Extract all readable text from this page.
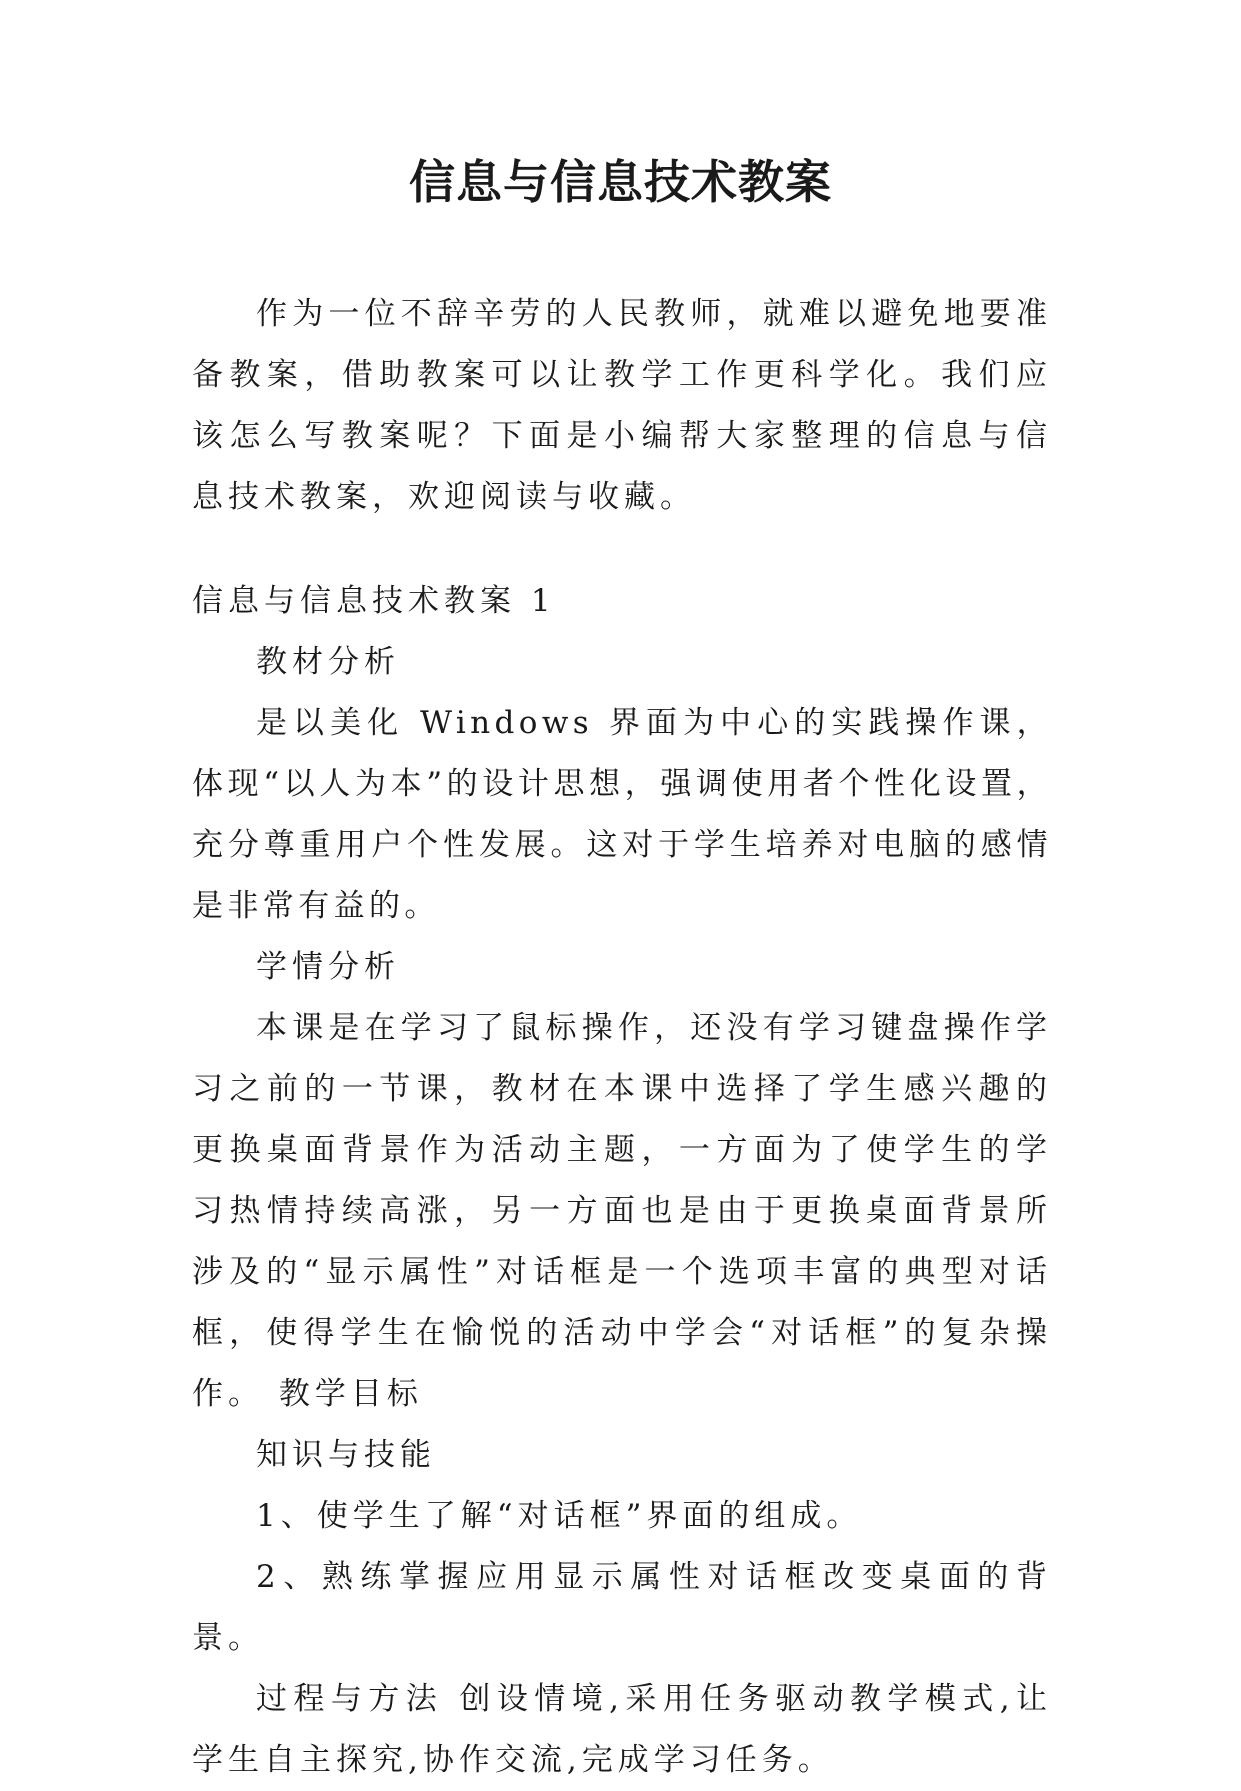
信息与信息技术教案

作为一位不辞辛劳的人民教师，就难以避免地要准备教案，借助教案可以让教学工作更科学化。我们应该怎么写教案呢？下面是小编帮大家整理的信息与信息技术教案，欢迎阅读与收藏。

信息与信息技术教案 1

教材分析

是以美化 Windows 界面为中心的实践操作课，体现“以人为本”的设计思想，强调使用者个性化设置，充分尊重用户个性发展。这对于学生培养对电脑的感情是非常有益的。

学情分析

本课是在学习了鼠标操作，还没有学习键盘操作学习之前的一节课，教材在本课中选择了学生感兴趣的更换桌面背景作为活动主题，一方面为了使学生的学习热情持续高涨，另一方面也是由于更换桌面背景所涉及的“显示属性”对话框是一个选项丰富的典型对话框，使得学生在愉悦的活动中学会“对话框”的复杂操作。 教学目标

知识与技能

1、使学生了解“对话框”界面的组成。

2、熟练掌握应用显示属性对话框改变桌面的背景。

过程与方法 创设情境,采用任务驱动教学模式,让学生自主探究,协作交流,完成学习任务。
